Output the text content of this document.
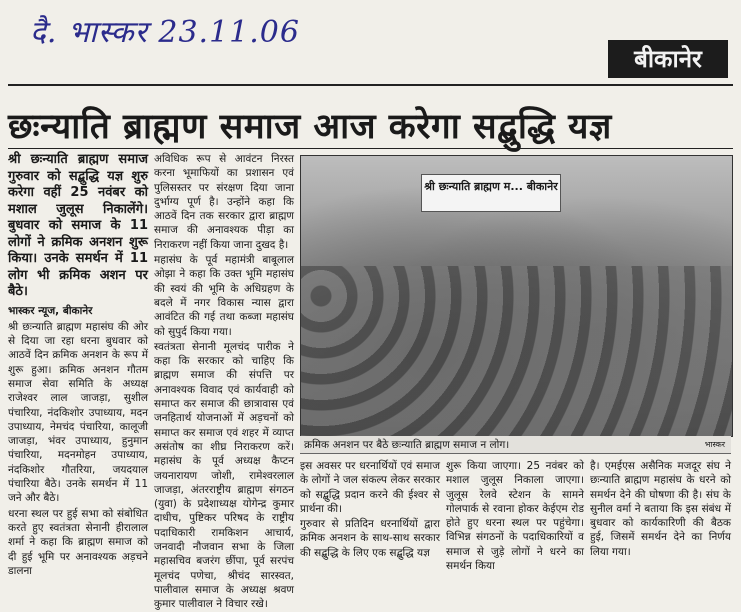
दै. भास्कर 23.11.06
बीकानेर
छःन्याति ब्राह्मण समाज आज करेगा सद्बुद्धि यज्ञ
श्री छःन्याति ब्राह्मण समाज गुरुवार को सद्बुद्धि यज्ञ शुरु करेगा वहीं 25 नवंबर को मशाल जुलूस निकालेंगे। बुधवार को समाज के 11 लोगों ने क्रमिक अनशन शुरू किया। उनके समर्थन में 11 लोग भी क्रमिक अशन पर बैठे।
भास्कर न्यूज, बीकानेर

श्री छःन्याति ब्राह्मण महासंघ की ओर से दिया जा रहा धरना बुधवार को आठवें दिन क्रमिक अनशन के रूप में शुरू हुआ। क्रमिक अनशन गौतम समाज सेवा समिति के अध्यक्ष राजेश्वर लाल जाजड़ा, सुशील पंचारिया, नंदकिशोर उपाध्याय, मदन उपाध्याय, नेमचंद पंचारिया, कालूजी जाजड़ा, भंवर उपाध्याय, हुनुमान पंचारिया, मदनमोहन उपाध्याय, नंदकिशोर गौतरिया, जयदयाल पंचारिया बैठे। उनके समर्थन में 11 जने और बैठे।

धरना स्थल पर हुई सभा को संबोधित करते हुए स्वतंत्रता सेनानी हीरालाल शर्मा ने कहा कि ब्राह्मण समाज को दी हुई भूमि पर अनावश्यक अड़चने डालना

अविधिक रूप से आवंटन निरस्त करना भूमाफियों का प्रशासन एवं पुलिसस्तर पर संरक्षण दिया जाना दुर्भाग्य पूर्ण है। उन्होंने कहा कि आठवें दिन तक सरकार द्वारा ब्राह्मण समाज की अनावश्यक पीड़ा का निराकरण नहीं किया जाना दुखद है।

महासंघ के पूर्व महामंत्री बाबूलाल ओझा ने कहा कि उक्त भूमि महासंघ की स्वयं की भूमि के अधिग्रहण के बदले में नगर विकास न्यास द्वारा आवंटित की गई तथा कब्जा महासंघ को सुपुर्द किया गया।

स्वतंत्रता सेनानी मूलचंद पारीक ने कहा कि सरकार को चाहिए कि ब्राह्मण समाज की संपत्ति पर अनावश्यक विवाद एवं कार्यवाही को समाप्त कर समाज की छात्रावास एवं जनहितार्थ योजनाओं में अड़चनों को समाप्त कर समाज एवं शहर में व्याप्त असंतोष का शीघ्र निराकरण करें। महासंघ के पूर्व अध्यक्ष कैप्टन जयनारायण जोशी, रामेश्वरलाल जाजड़ा, अंतरराष्ट्रीय ब्राह्मण संगठन (युवा) के प्रदेशाध्यक्ष योगेन्द्र कुमार दाधीच, पुष्टिकर परिषद के राष्ट्रीय पदाधिकारी रामकिशन आचार्य, जनवादी नौजवान सभा के जिला महासचिव बजरंग छींपा, पूर्व सरपंच मूलचंद पणेचा, श्रीचंद सारस्वत, पालीवाल समाज के अध्यक्ष श्रवण कुमार पालीवाल ने विचार रखे।

श्री छःन्याति ब्राह्मण म... बीकानेर
क्रमिक अनशन पर बैठे छःन्याति ब्राह्मण समाज न लोग।	भास्कर

इस अवसर पर धरनार्थियों एवं समाज के लोगों ने जल संकल्प लेकर सरकार को सद्बुद्धि प्रदान करने की ईश्वर से प्रार्थना की।

गुरुवार से प्रतिदिन धरनार्थियों द्वारा क्रमिक अनशन के साथ-साथ सरकार की सद्बुद्धि के लिए एक सद्बुद्धि यज्ञ

शुरू किया जाएगा। 25 नवंबर को मशाल जुलूस निकाला जाएगा। जुलूस रेलवे स्टेशन के सामने गोलपार्क से रवाना होकर केईएम रोड होते हुए धरना स्थल पर पहुंचेगा। विभिन्न संगठनों के पदाधिकारियों व समाज से जुड़े लोगों ने धरने का समर्थन किया

है। एमईएस असैनिक मजदूर संघ ने छःन्याति ब्राह्मण महासंघ के धरने को समर्थन देने की घोषणा की है। संघ के सुनील वर्मा ने बताया कि इस संबंध में बुधवार को कार्यकारिणी की बैठक हुई, जिसमें समर्थन देने का निर्णय लिया गया।
